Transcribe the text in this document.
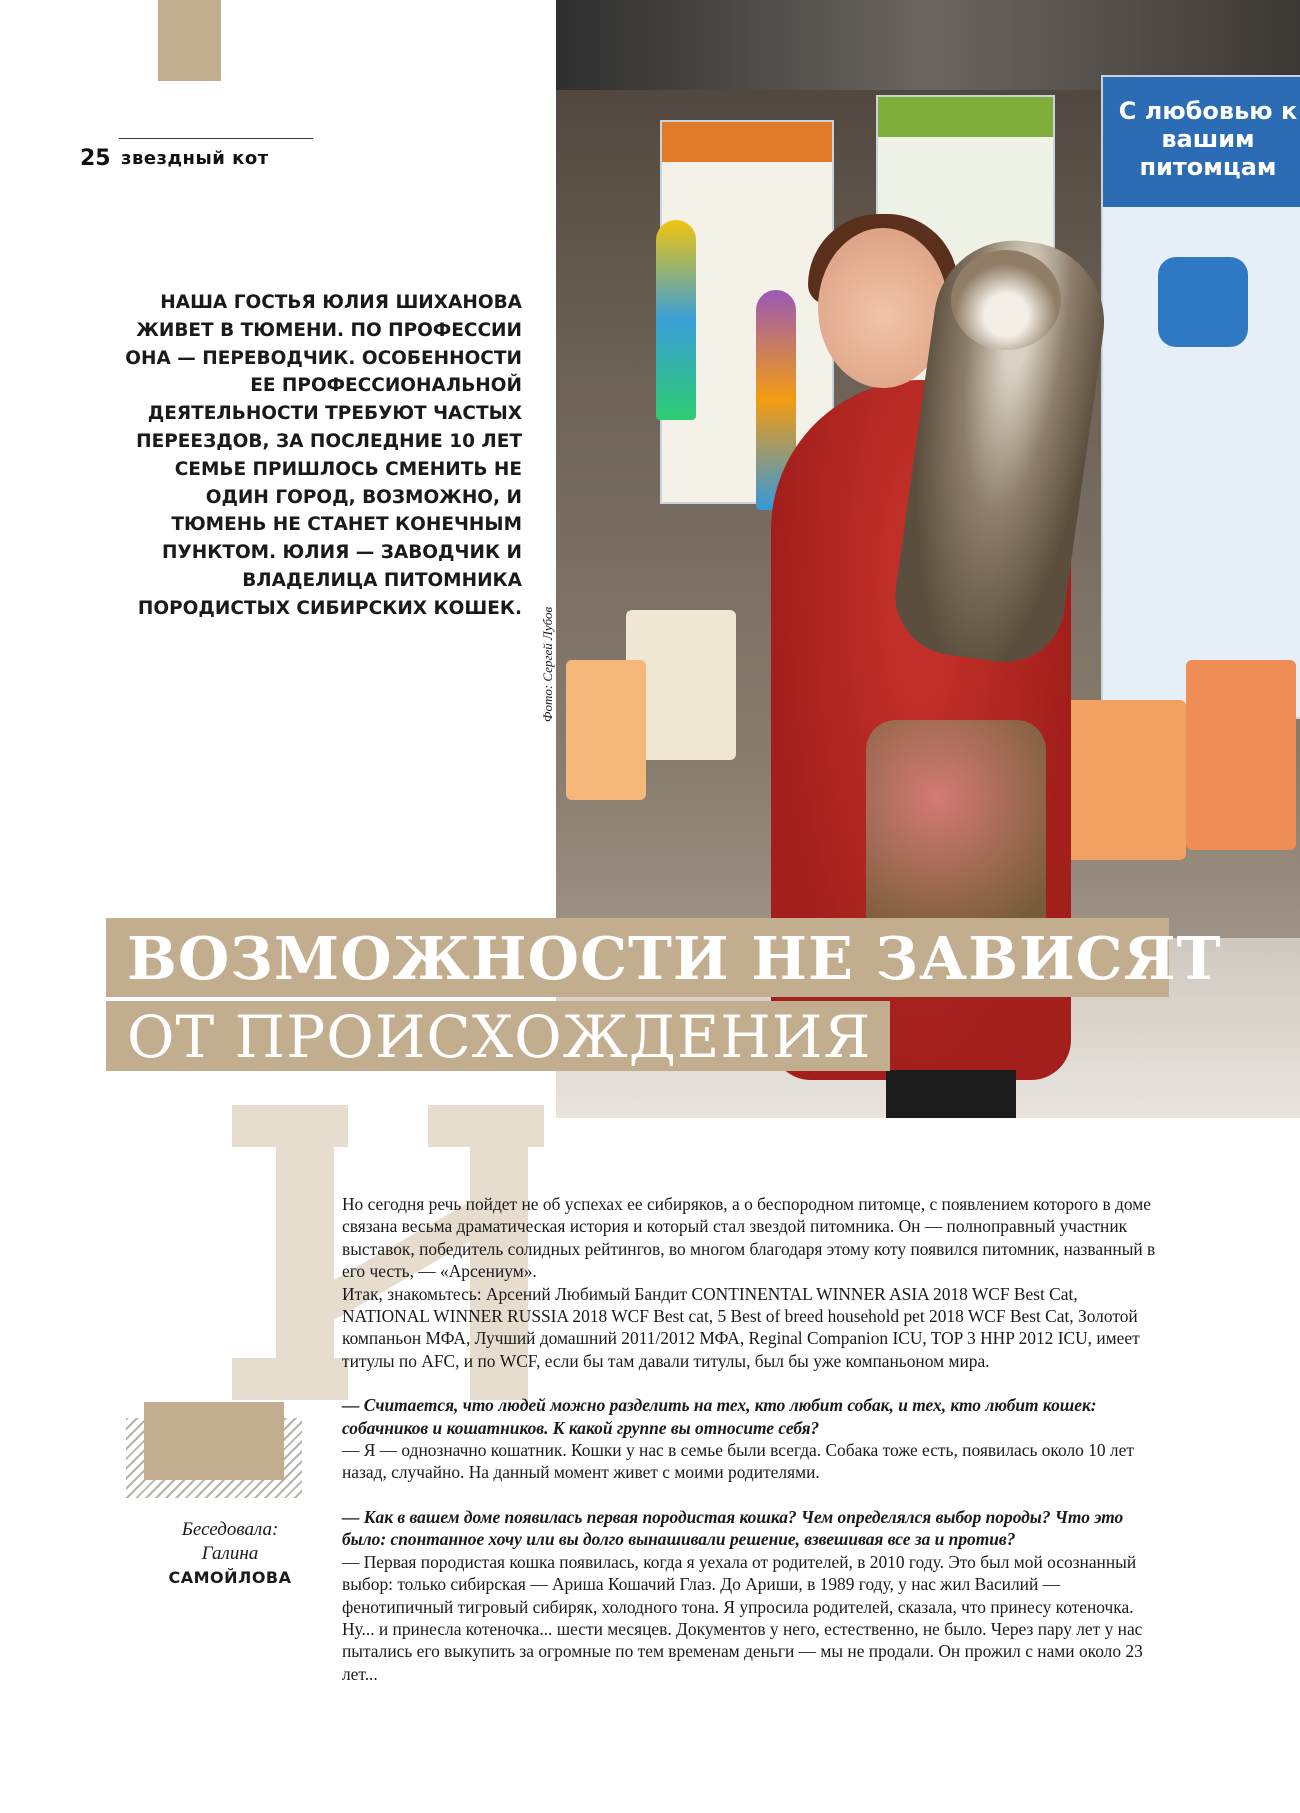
25 звездный кот
НАША ГОСТЬЯ ЮЛИЯ ШИХАНОВА ЖИВЕТ В ТЮМЕНИ. ПО ПРОФЕССИИ ОНА — ПЕРЕВОДЧИК. ОСОБЕННОСТИ ЕЕ ПРОФЕССИОНАЛЬНОЙ ДЕЯТЕЛЬНОСТИ ТРЕБУЮТ ЧАСТЫХ ПЕРЕЕЗДОВ, ЗА ПОСЛЕДНИЕ 10 ЛЕТ СЕМЬЕ ПРИШЛОСЬ СМЕНИТЬ НЕ ОДИН ГОРОД, ВОЗМОЖНО, И ТЮМЕНЬ НЕ СТАНЕТ КОНЕЧНЫМ ПУНКТОМ. ЮЛИЯ — ЗАВОДЧИК И ВЛАДЕЛИЦА ПИТОМНИКА ПОРОДИСТЫХ СИБИРСКИХ КОШЕК.
С любовью к вашим питомцам
Фото: Сергей Лубов
ВОЗМОЖНОСТИ НЕ ЗАВИСЯТ
ОТ ПРОИСХОЖДЕНИЯ
Беседовала:
Галина
САМОЙЛОВА

Но сегодня речь пойдет не об успехах ее сибиряков, а о беспородном питомце, с появлением которого в доме связана весьма драматическая история и который стал звездой питомника. Он — полноправный участник выставок, победитель солидных рейтингов, во многом благодаря этому коту появился питомник, названный в его честь, — «Арсениум».

Итак, знакомьтесь: Арсений Любимый Бандит CONTINENTAL WINNER ASIA 2018 WCF Best Cat, NATIONAL WINNER RUSSIA 2018 WCF Best cat, 5 Best of breed household pet 2018 WCF Best Cat, Золотой компаньон МФА, Лучший домашний 2011/2012 МФА, Reginal Companion ICU, TOP 3 HHP 2012 ICU, имеет титулы по AFC, и по WCF, если бы там давали титулы, был бы уже компаньоном мира.

— Считается, что людей можно разделить на тех, кто любит собак, и тех, кто любит кошек: собачников и кошатников. К какой группе вы относите себя?

— Я — однозначно кошатник. Кошки у нас в семье были всегда. Собака тоже есть, появилась около 10 лет назад, случайно. На данный момент живет с моими родителями.

— Как в вашем доме появилась первая породистая кошка? Чем определялся выбор породы? Что это было: спонтанное хочу или вы долго вынашивали решение, взвешивая все за и против?

— Первая породистая кошка появилась, когда я уехала от родителей, в 2010 году. Это был мой осознанный выбор: только сибирская — Ариша Кошачий Глаз. До Ариши, в 1989 году, у нас жил Василий — фенотипичный тигровый сибиряк, холодного тона. Я упросила родителей, сказала, что принесу котеночка. Ну... и принесла котеночка... шести месяцев. Документов у него, естественно, не было. Через пару лет у нас пытались его выкупить за огромные по тем временам деньги — мы не продали. Он прожил с нами около 23 лет...
